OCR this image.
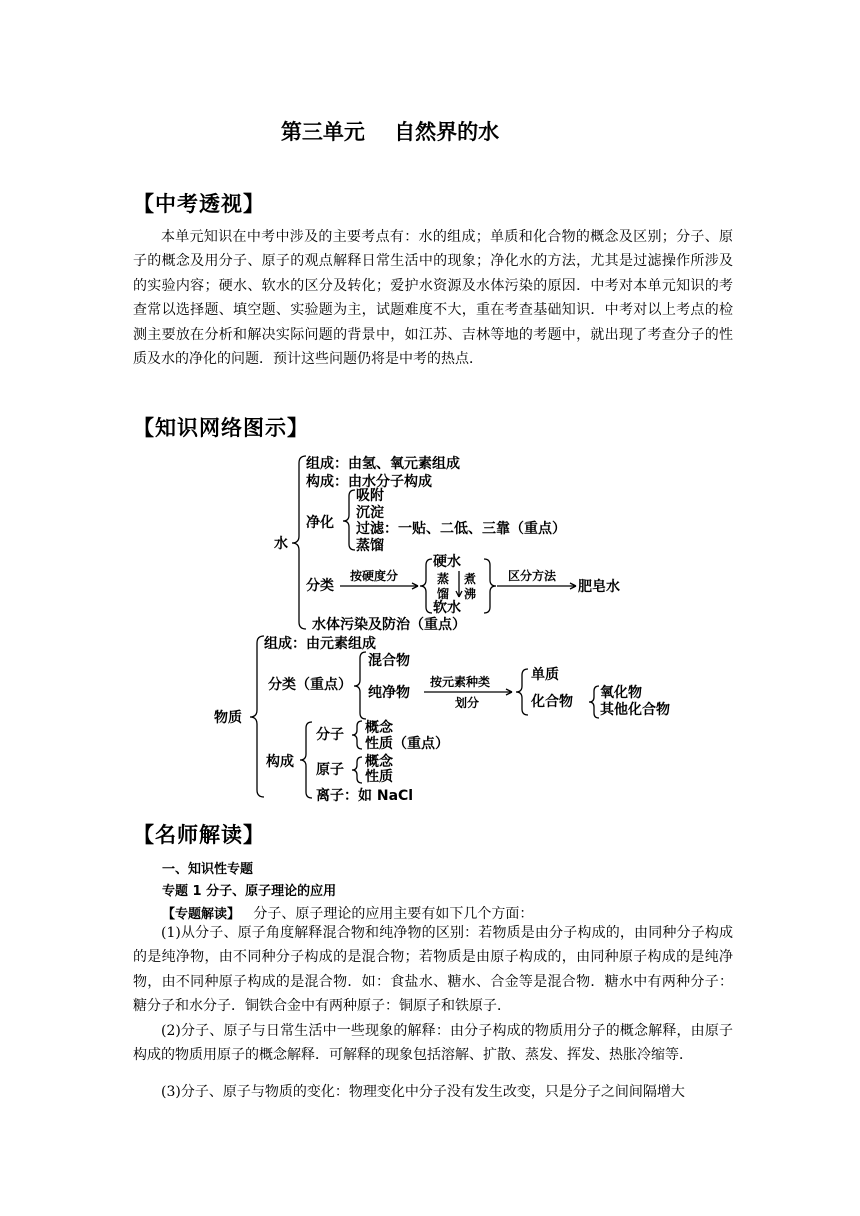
第三单元    自然界的水
【中考透视】

本单元知识在中考中涉及的主要考点有：水的组成；单质和化合物的概念及区别；分子、原子的概念及用分子、原子的观点解释日常生活中的现象；净化水的方法，尤其是过滤操作所涉及的实验内容；硬水、软水的区分及转化；爱护水资源及水体污染的原因．中考对本单元知识的考查常以选择题、填空题、实验题为主，试题难度不大，重在考查基础知识．中考对以上考点的检测主要放在分析和解决实际问题的背景中，如江苏、吉林等地的考题中，就出现了考查分子的性质及水的净化的问题．预计这些问题仍将是中考的热点．

【知识网络图示】
水
组成：由氢、氧元素组成
构成：由水分子构成
净化
吸附
沉淀
过滤：一贴、二低、三靠（重点）
蒸馏
分类
按硬度分
硬水
软水
蒸
馏
煮
沸
区分方法
肥皂水
水体污染及防治（重点）
物质
组成：由元素组成
分类（重点）
混合物
纯净物
按元素种类
划分
单质
化合物
氧化物
其他化合物
构成
分子 概念
性质（重点）
原子 概念
性质
离子：如 NaCl
【名师解读】
一、知识性专题
专题 1 分子、原子理论的应用
【专题解读】 分子、原子理论的应用主要有如下几个方面：

(1)从分子、原子角度解释混合物和纯净物的区别：若物质是由分子构成的，由同种分子构成的是纯净物，由不同种分子构成的是混合物；若物质是由原子构成的，由同种原子构成的是纯净物，由不同种原子构成的是混合物．如：食盐水、糖水、合金等是混合物．糖水中有两种分子：糖分子和水分子．铜铁合金中有两种原子：铜原子和铁原子．

(2)分子、原子与日常生活中一些现象的解释：由分子构成的物质用分子的概念解释，由原子构成的物质用原子的概念解释．可解释的现象包括溶解、扩散、蒸发、挥发、热胀冷缩等．

(3)分子、原子与物质的变化：物理变化中分子没有发生改变，只是分子之间间隔增大
